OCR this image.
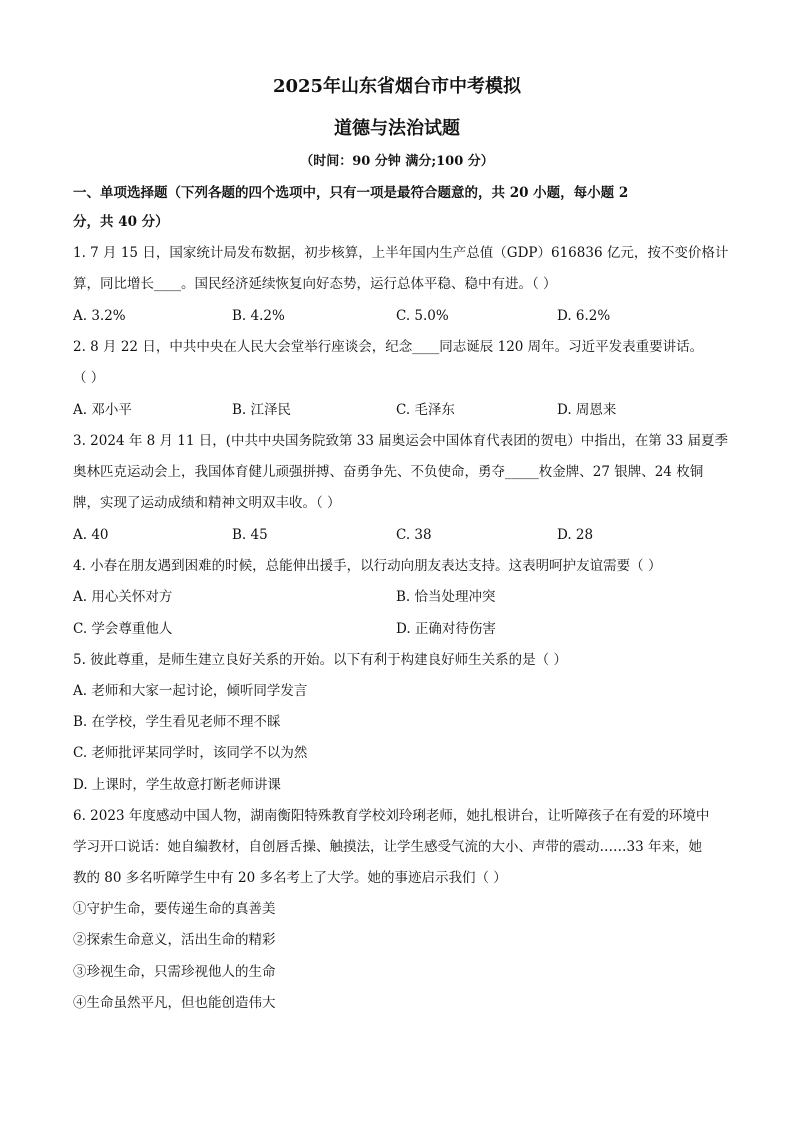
2025年山东省烟台市中考模拟
道德与法治试题
（时间：90 分钟 满分;100 分）
一、单项选择题（下列各题的四个选项中，只有一项是最符合题意的，共 20 小题，每小题 2
分，共 40 分）
1. 7 月 15 日，国家统计局发布数据，初步核算，上半年国内生产总值（GDP）616836 亿元，按不变价格计
算，同比增长____。国民经济延续恢复向好态势，运行总体平稳、稳中有进。（ ）
A. 3.2%	B. 4.2%	C. 5.0%	D. 6.2%
2. 8 月 22 日，中共中央在人民大会堂举行座谈会，纪念____同志诞辰 120 周年。习近平发表重要讲话。
（ ）
A. 邓小平	B. 江泽民	C. 毛泽东	D. 周恩来
3. 2024 年 8 月 11 日，(中共中央国务院致第 33 届奥运会中国体育代表团的贺电）中指出，在第 33 届夏季
奥林匹克运动会上，我国体育健儿顽强拼搏、奋勇争先、不负使命，勇夺_____枚金牌、27 银牌、24 枚铜
牌，实现了运动成绩和精神文明双丰收。（ ）
A. 40	B. 45	C. 38	D. 28
4. 小春在朋友遇到困难的时候，总能伸出援手，以行动向朋友表达支持。这表明呵护友谊需要（ ）
A. 用心关怀对方	B. 恰当处理冲突
C. 学会尊重他人	D. 正确对待伤害
5. 彼此尊重，是师生建立良好关系的开始。以下有利于构建良好师生关系的是（ ）
A. 老师和大家一起讨论，倾听同学发言
B. 在学校，学生看见老师不理不睬
C. 老师批评某同学时，该同学不以为然
D. 上课时，学生故意打断老师讲课
6. 2023 年度感动中国人物，湖南衡阳特殊教育学校刘玲琍老师，她扎根讲台，让听障孩子在有爱的环境中
学习开口说话：她自编教材，自创唇舌操、触摸法，让学生感受气流的大小、声带的震动……33 年来，她
教的 80 多名听障学生中有 20 多名考上了大学。她的事迹启示我们（ ）
①守护生命，要传递生命的真善美
②探索生命意义，活出生命的精彩
③珍视生命，只需珍视他人的生命
④生命虽然平凡，但也能创造伟大
